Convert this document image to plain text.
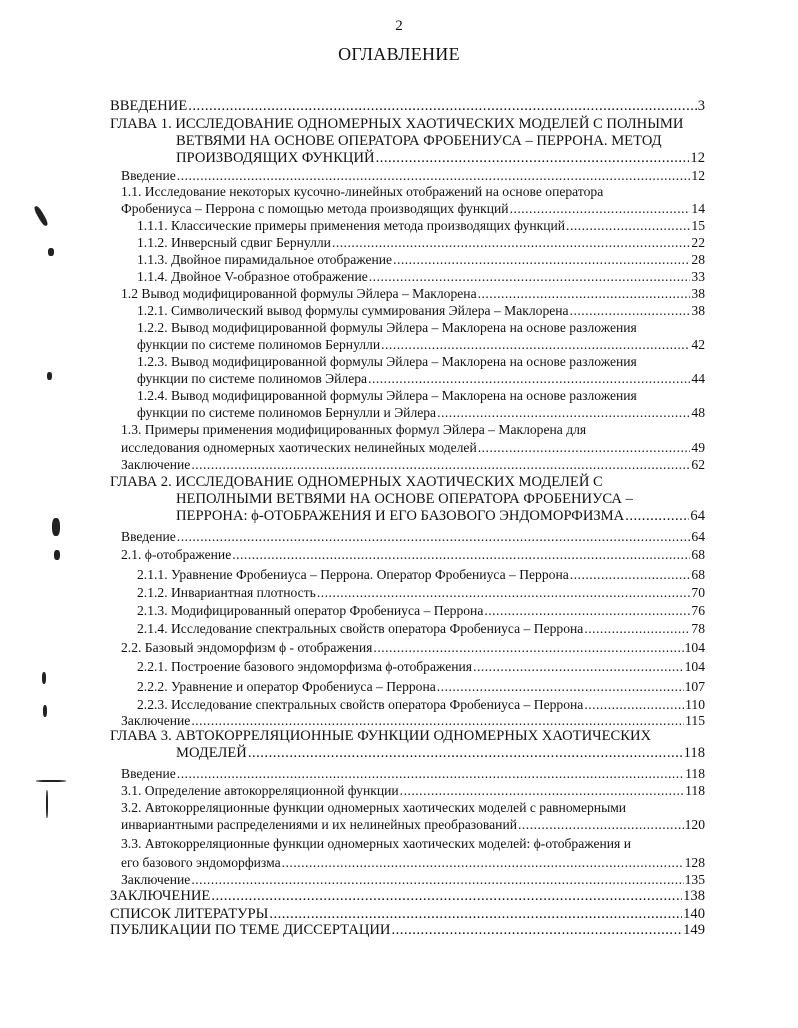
2
ОГЛАВЛЕНИЕ
ВВЕДЕНИЕ .....	3
ГЛАВА 1. ИССЛЕДОВАНИЕ ОДНОМЕРНЫХ ХАОТИЧЕСКИХ МОДЕЛЕЙ С ПОЛНЫМИ
ВЕТВЯМИ НА ОСНОВЕ ОПЕРАТОРА ФРОБЕНИУСА – ПЕРРОНА. МЕТОД
ПРОИЗВОДЯЩИХ ФУНКЦИЙ .....	12
Введение .....	12
1.1. Исследование некоторых кусочно-линейных отображений на основе оператора
Фробениуса – Перрона с помощью метода производящих функций .....	14
1.1.1. Классические примеры применения метода производящих функций .....	15
1.1.2. Инверсный сдвиг Бернулли .....	22
1.1.3. Двойное пирамидальное отображение .....	28
1.1.4. Двойное V-образное отображение .....	33
1.2 Вывод модифицированной формулы Эйлера – Маклорена .....	38
1.2.1. Символический вывод формулы суммирования Эйлера – Маклорена .....	38
1.2.2. Вывод модифицированной формулы Эйлера – Маклорена на основе разложения
функции по системе полиномов Бернулли .....	42
1.2.3. Вывод модифицированной формулы Эйлера – Маклорена на основе разложения
функции по системе полиномов Эйлера .....	44
1.2.4. Вывод модифицированной формулы Эйлера – Маклорена на основе разложения
функции по системе полиномов Бернулли и Эйлера .....	48
1.3. Примеры применения модифицированных формул Эйлера – Маклорена для
исследования одномерных хаотических нелинейных моделей .....	49
Заключение .....	62
ГЛАВА 2. ИССЛЕДОВАНИЕ ОДНОМЕРНЫХ ХАОТИЧЕСКИХ МОДЕЛЕЙ С
НЕПОЛНЫМИ ВЕТВЯМИ НА ОСНОВЕ ОПЕРАТОРА ФРОБЕНИУСА –
ПЕРРОНА: ϕ-ОТОБРАЖЕНИЯ И ЕГО БАЗОВОГО ЭНДОМОРФИЗМА .....	64
Введение .....	64
2.1. ϕ-отображение .....	68
2.1.1. Уравнение Фробениуса – Перрона. Оператор Фробениуса – Перрона .....	68
2.1.2. Инвариантная плотность .....	70
2.1.3. Модифицированный оператор Фробениуса – Перрона .....	76
2.1.4. Исследование спектральных свойств оператора Фробениуса – Перрона .....	78
2.2. Базовый эндоморфизм ϕ - отображения .....	104
2.2.1. Построение базового эндоморфизма ϕ-отображения .....	104
2.2.2. Уравнение и оператор Фробениуса – Перрона .....	107
2.2.3. Исследование спектральных свойств оператора Фробениуса – Перрона .....	110
Заключение .....	115
ГЛАВА 3. АВТОКОРРЕЛЯЦИОННЫЕ ФУНКЦИИ ОДНОМЕРНЫХ ХАОТИЧЕСКИХ
МОДЕЛЕЙ .....	118
Введение .....	118
3.1. Определение автокорреляционной функции .....	118
3.2. Автокорреляционные функции одномерных хаотических моделей с равномерными
инвариантными распределениями и их нелинейных преобразований .....	120
3.3. Автокорреляционные функции одномерных хаотических моделей: ϕ-отображения и
его базового эндоморфизма .....	128
Заключение .....	135
ЗАКЛЮЧЕНИЕ .....	138
СПИСОК ЛИТЕРАТУРЫ .....	140
ПУБЛИКАЦИИ ПО ТЕМЕ ДИССЕРТАЦИИ .....	149
